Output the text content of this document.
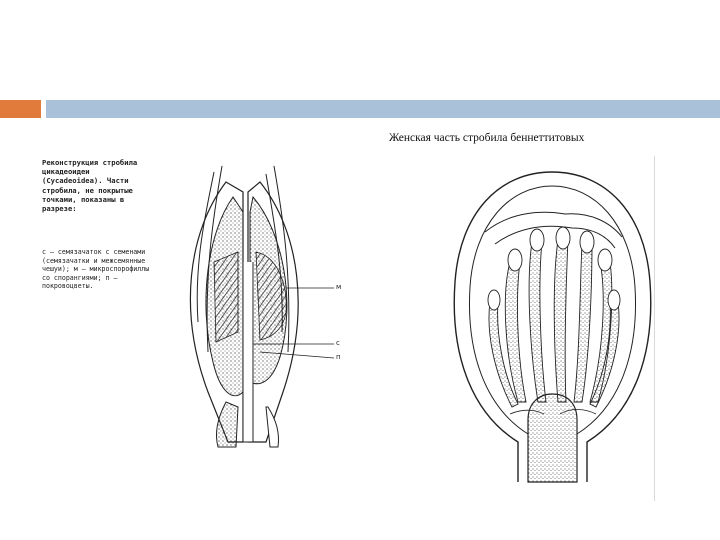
Женская часть стробила беннеттитовых
Реконструкция стробила цикадеоидеи (Cycadeoidea). Части стробила, не покрытые точками, показаны в разрезе:
с — семязачаток с семенами (семязачатки и межсемянные чешуи); м — микроспорофиллы со спорангиями; п — покровоцветы.	м
с
п
